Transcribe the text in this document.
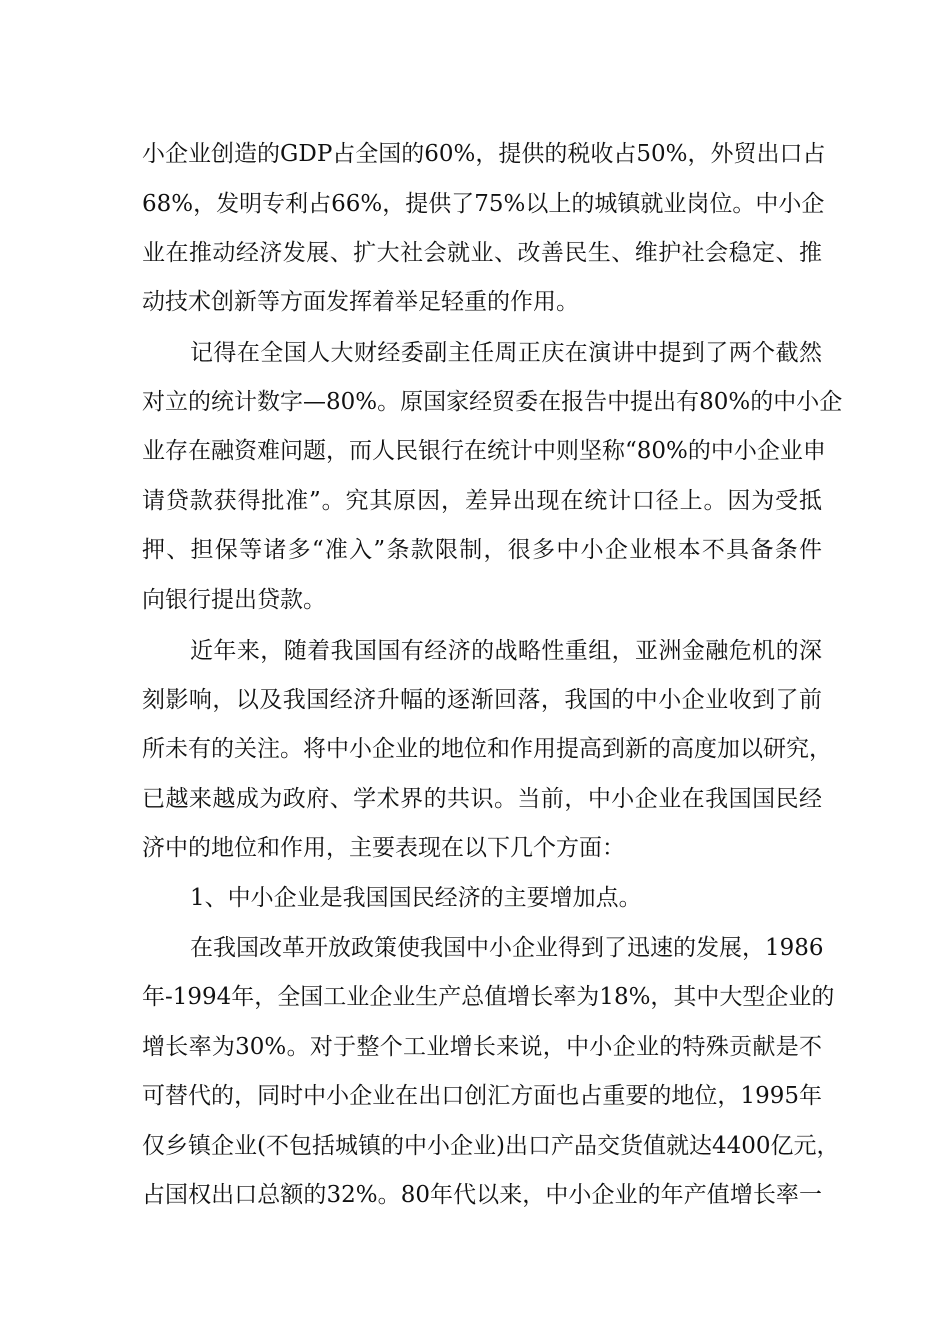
小企业创造的GDP占全国的60%，提供的税收占50%，外贸出口占
68%，发明专利占66%，提供了75%以上的城镇就业岗位。中小企
业在推动经济发展、扩大社会就业、改善民生、维护社会稳定、推
动技术创新等方面发挥着举足轻重的作用。
记得在全国人大财经委副主任周正庆在演讲中提到了两个截然
对立的统计数字—80%。原国家经贸委在报告中提出有80%的中小企
业存在融资难问题，而人民银行在统计中则坚称“80%的中小企业申
请贷款获得批准”。究其原因，差异出现在统计口径上。因为受抵
押、担保等诸多“准入”条款限制，很多中小企业根本不具备条件
向银行提出贷款。
近年来，随着我国国有经济的战略性重组，亚洲金融危机的深
刻影响，以及我国经济升幅的逐渐回落，我国的中小企业收到了前
所未有的关注。将中小企业的地位和作用提高到新的高度加以研究，
已越来越成为政府、学术界的共识。当前，中小企业在我国国民经
济中的地位和作用，主要表现在以下几个方面：
1、中小企业是我国国民经济的主要增加点。
在我国改革开放政策使我国中小企业得到了迅速的发展，1986
年-1994年，全国工业企业生产总值增长率为18%，其中大型企业的
增长率为30%。对于整个工业增长来说，中小企业的特殊贡献是不
可替代的，同时中小企业在出口创汇方面也占重要的地位，1995年
仅乡镇企业(不包括城镇的中小企业)出口产品交货值就达4400亿元，
占国权出口总额的32%。80年代以来，中小企业的年产值增长率一
